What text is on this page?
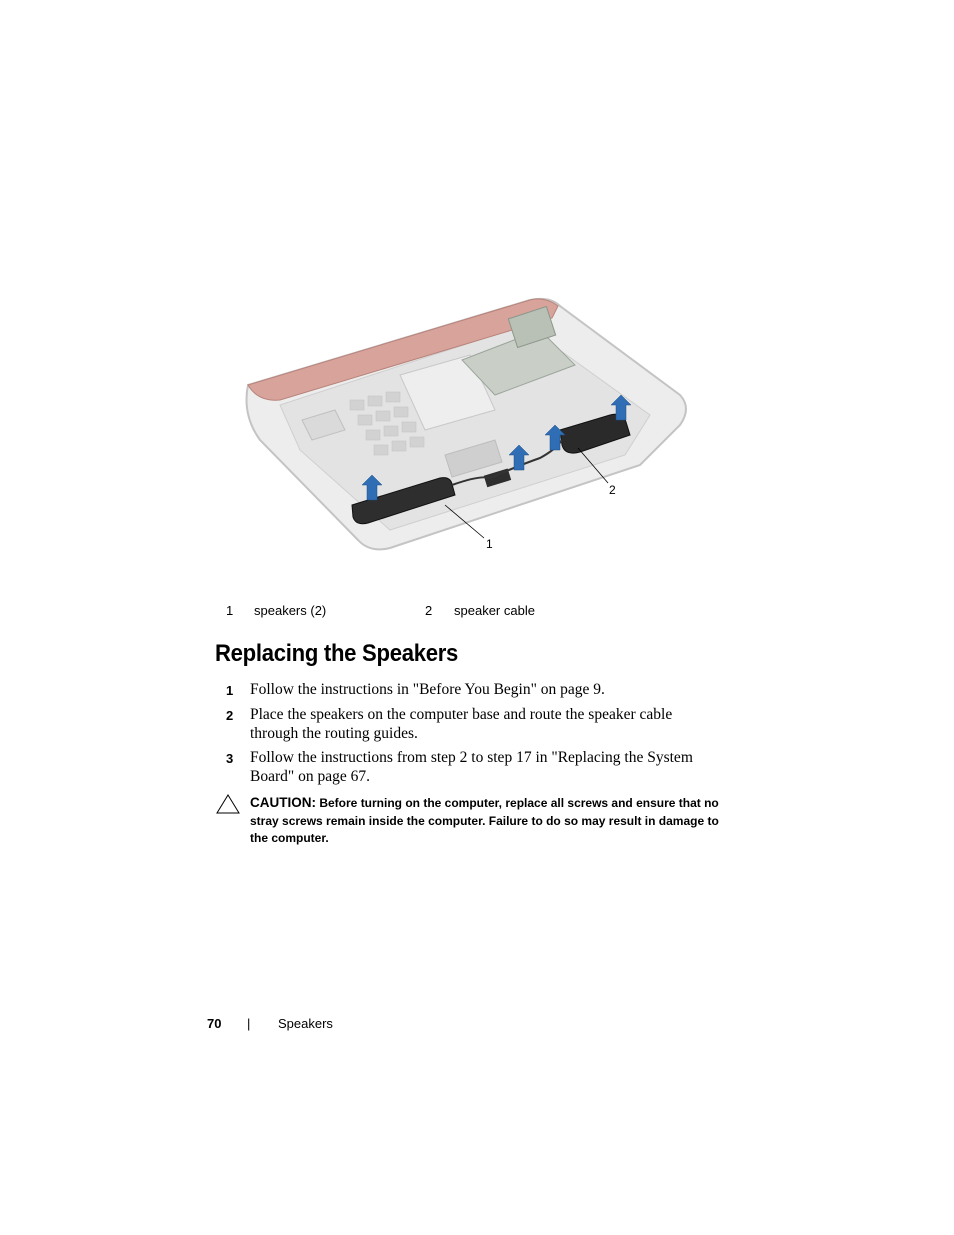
1
2
1 speakers (2)	2 speaker cable
Replacing the Speakers
1 Follow the instructions in "Before You Begin" on page 9.
2 Place the speakers on the computer base and route the speaker cable through the routing guides.
3 Follow the instructions from step 2 to step 17 in "Replacing the System Board" on page 67.
CAUTION: Before turning on the computer, replace all screws and ensure that no stray screws remain inside the computer. Failure to do so may result in damage to the computer.
70 | Speakers
